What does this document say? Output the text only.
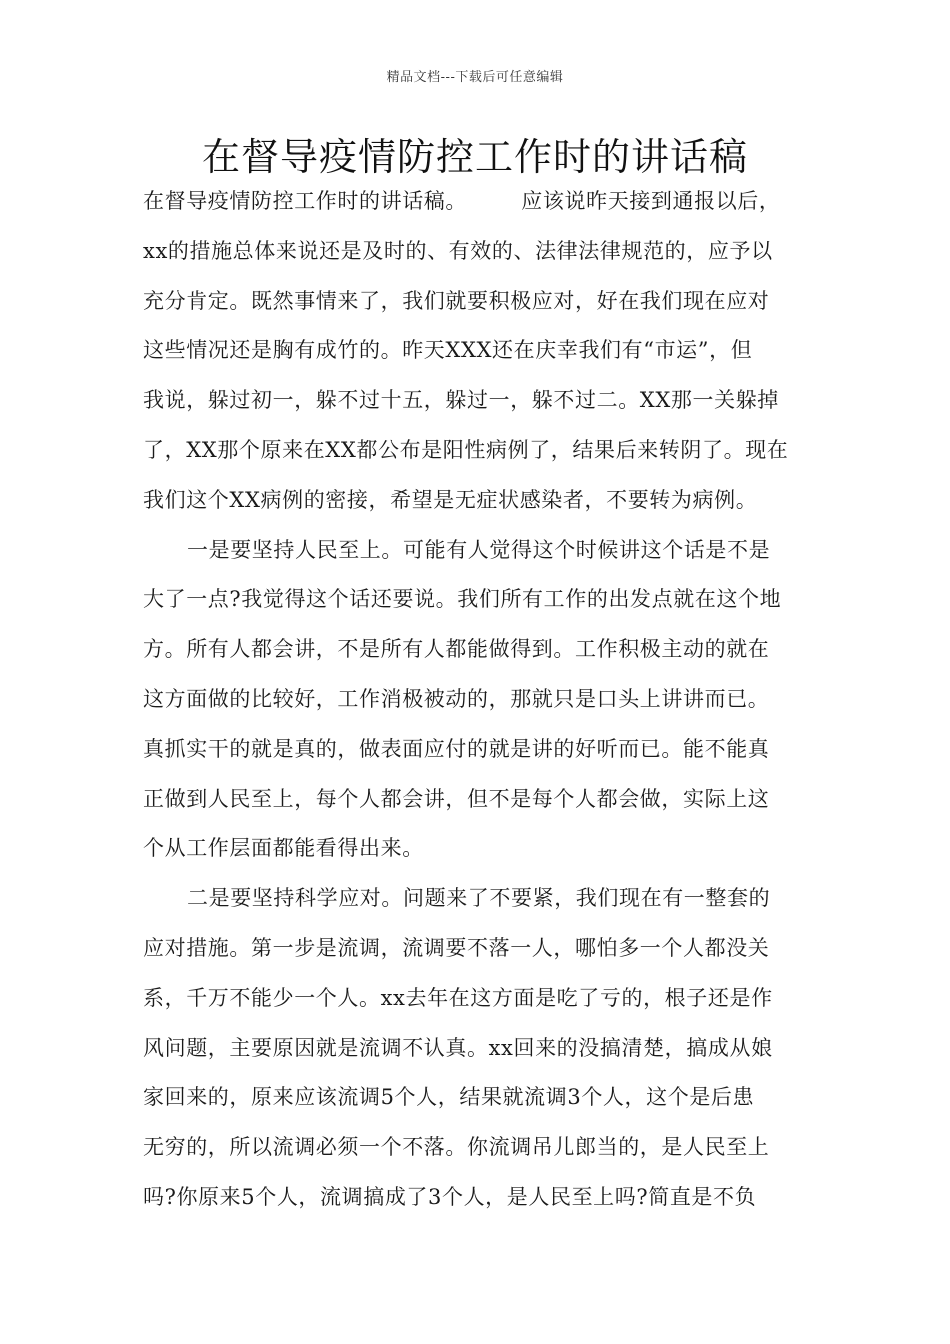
精品文档---下载后可任意编辑
在督导疫情防控工作时的讲话稿
在督导疫情防控工作时的讲话稿。　　　应该说昨天接到通报以后，
xx的措施总体来说还是及时的、有效的、法律法律规范的，应予以
充分肯定。既然事情来了，我们就要积极应对，好在我们现在应对
这些情况还是胸有成竹的。昨天XXX还在庆幸我们有“市运”，但
我说，躲过初一，躲不过十五，躲过一，躲不过二。XX那一关躲掉
了，XX那个原来在XX都公布是阳性病例了，结果后来转阴了。现在
我们这个XX病例的密接，希望是无症状感染者，不要转为病例。
一是要坚持人民至上。可能有人觉得这个时候讲这个话是不是
大了一点?我觉得这个话还要说。我们所有工作的出发点就在这个地
方。所有人都会讲，不是所有人都能做得到。工作积极主动的就在
这方面做的比较好，工作消极被动的，那就只是口头上讲讲而已。
真抓实干的就是真的，做表面应付的就是讲的好听而已。能不能真
正做到人民至上，每个人都会讲，但不是每个人都会做，实际上这
个从工作层面都能看得出来。
二是要坚持科学应对。问题来了不要紧，我们现在有一整套的
应对措施。第一步是流调，流调要不落一人，哪怕多一个人都没关
系，千万不能少一个人。xx去年在这方面是吃了亏的，根子还是作
风问题，主要原因就是流调不认真。xx回来的没搞清楚，搞成从娘
家回来的，原来应该流调5个人，结果就流调3个人，这个是后患
无穷的，所以流调必须一个不落。你流调吊儿郎当的，是人民至上
吗?你原来5个人，流调搞成了3个人，是人民至上吗?简直是不负
